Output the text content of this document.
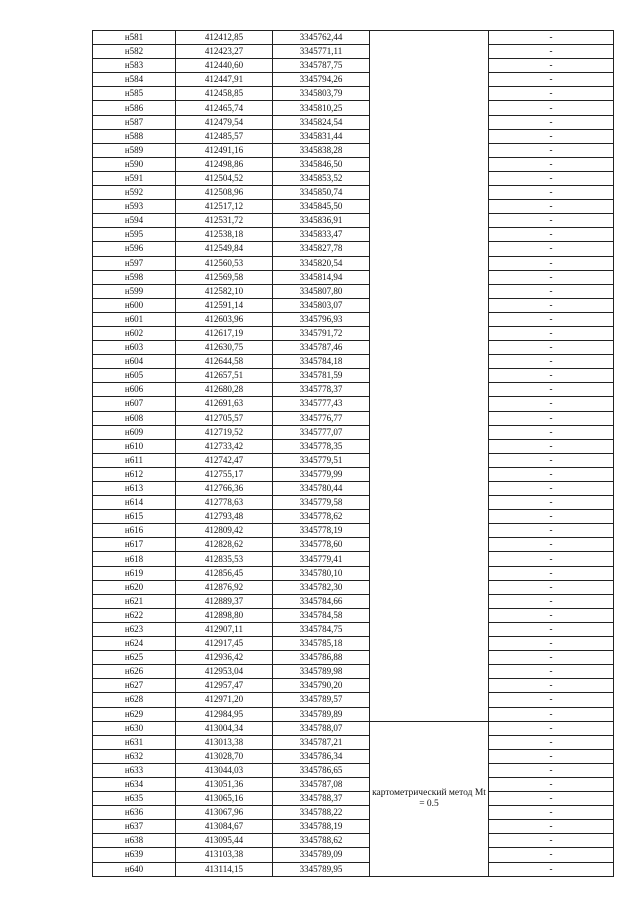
н581	412412,85	3345762,44		-
н582	412423,27	3345771,11		-
н583	412440,60	3345787,75		-
н584	412447,91	3345794,26		-
н585	412458,85	3345803,79		-
н586	412465,74	3345810,25		-
н587	412479,54	3345824,54		-
н588	412485,57	3345831,44		-
н589	412491,16	3345838,28		-
н590	412498,86	3345846,50		-
н591	412504,52	3345853,52		-
н592	412508,96	3345850,74		-
н593	412517,12	3345845,50		-
н594	412531,72	3345836,91		-
н595	412538,18	3345833,47		-
н596	412549,84	3345827,78		-
н597	412560,53	3345820,54		-
н598	412569,58	3345814,94		-
н599	412582,10	3345807,80		-
н600	412591,14	3345803,07		-
н601	412603,96	3345796,93		-
н602	412617,19	3345791,72		-
н603	412630,75	3345787,46		-
н604	412644,58	3345784,18		-
н605	412657,51	3345781,59		-
н606	412680,28	3345778,37		-
н607	412691,63	3345777,43		-
н608	412705,57	3345776,77		-
н609	412719,52	3345777,07		-
н610	412733,42	3345778,35		-
н611	412742,47	3345779,51		-
н612	412755,17	3345779,99		-
н613	412766,36	3345780,44		-
н614	412778,63	3345779,58		-
н615	412793,48	3345778,62		-
н616	412809,42	3345778,19		-
н617	412828,62	3345778,60		-
н618	412835,53	3345779,41		-
н619	412856,45	3345780,10		-
н620	412876,92	3345782,30		-
н621	412889,37	3345784,66		-
н622	412898,80	3345784,58		-
н623	412907,11	3345784,75		-
н624	412917,45	3345785,18		-
н625	412936,42	3345786,88		-
н626	412953,04	3345789,98		-
н627	412957,47	3345790,20		-
н628	412971,20	3345789,57		-
н629	412984,95	3345789,89		-
н630	413004,34	3345788,07	картометрический метод Mt = 0.5	-
н631	413013,38	3345787,21		-
н632	413028,70	3345786,34		-
н633	413044,03	3345786,65		-
н634	413051,36	3345787,08		-
н635	413065,16	3345788,37		-
н636	413067,96	3345788,22		-
н637	413084,67	3345788,19		-
н638	413095,44	3345788,62		-
н639	413103,38	3345789,09		-
н640	413114,15	3345789,95		-
